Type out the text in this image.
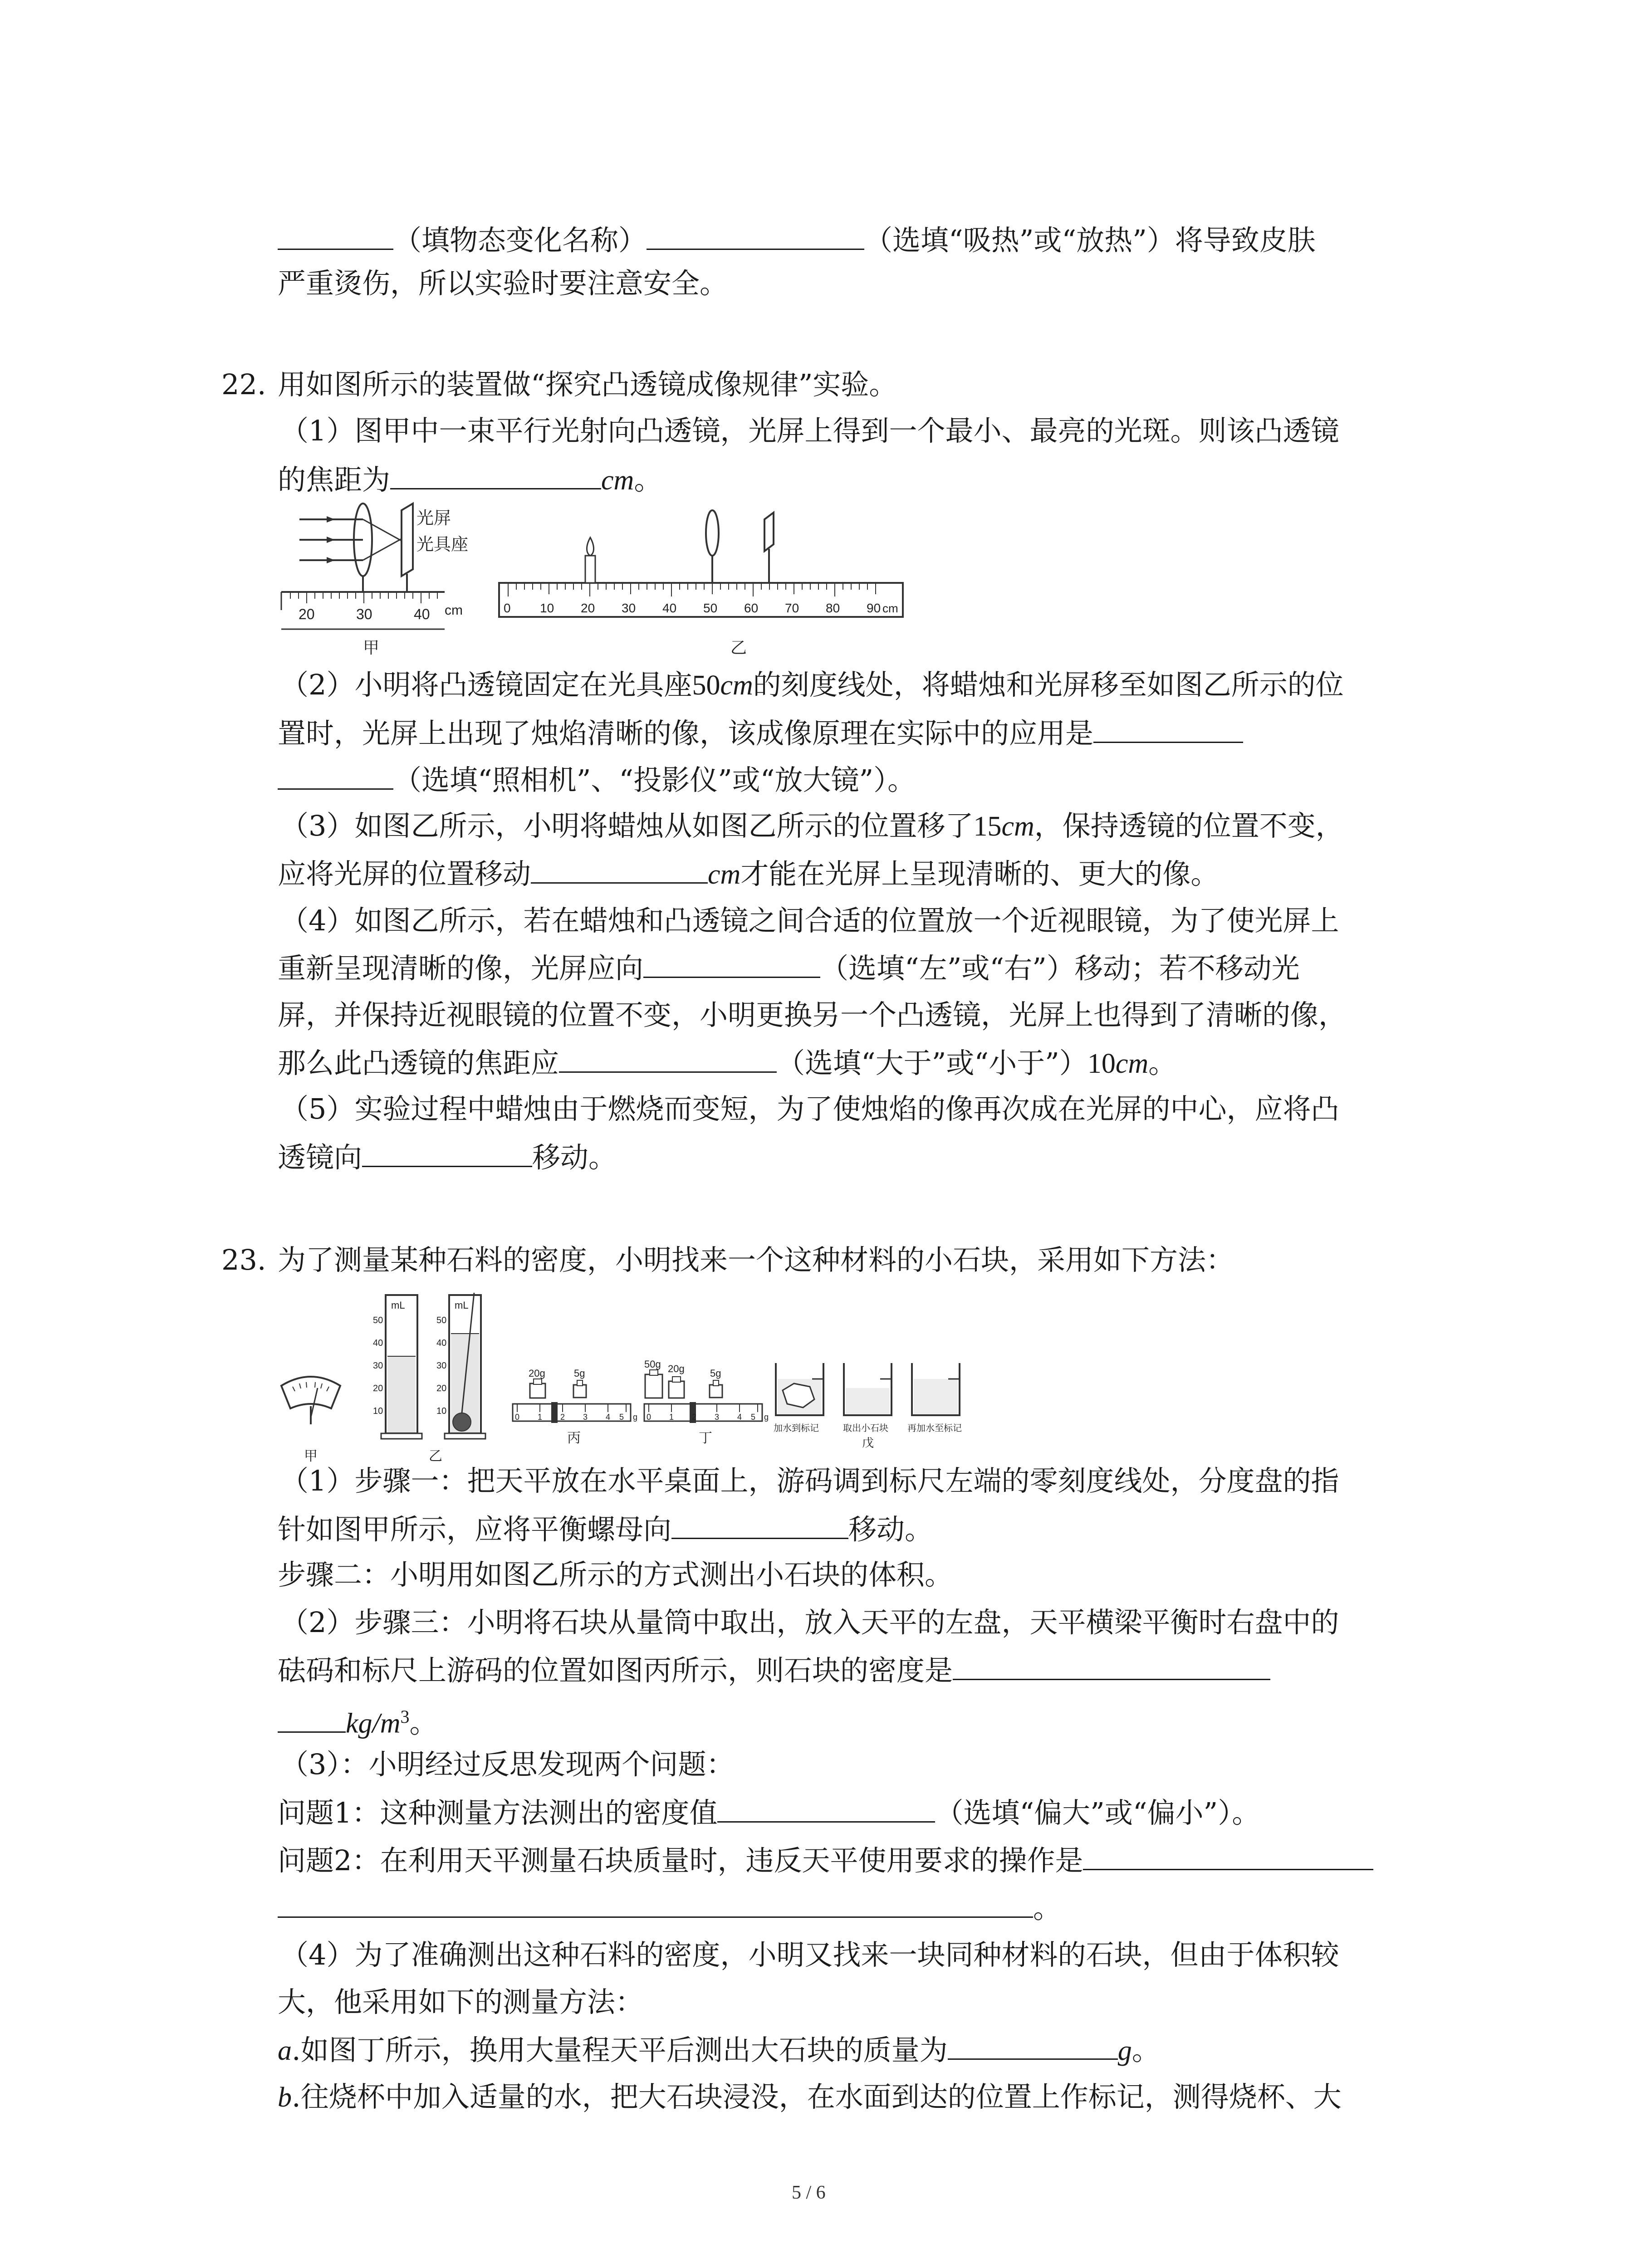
（填物态变化名称）	（选填“吸热”或“放热”）将导致皮肤
严重烫伤，所以实验时要注意安全。
22. 用如图所示的装置做“探究凸透镜成像规律”实验。
（1）图甲中一束平行光射向凸透镜，光屏上得到一个最小、最亮的光斑。则该凸透镜
的焦距为	cm。
光屏
光具座
20	30	40 cm
甲
0 10 20 30 40 50 60 70 80 90 cm
乙
（2）小明将凸透镜固定在光具座50cm的刻度线处，将蜡烛和光屏移至如图乙所示的位
置时，光屏上出现了烛焰清晰的像，该成像原理在实际中的应用是
（选填“照相机”、“投影仪”或“放大镜”）。
（3）如图乙所示，小明将蜡烛从如图乙所示的位置移了15cm，保持透镜的位置不变，
应将光屏的位置移动	cm才能在光屏上呈现清晰的、更大的像。
（4）如图乙所示，若在蜡烛和凸透镜之间合适的位置放一个近视眼镜，为了使光屏上
重新呈现清晰的像，光屏应向	（选填“左”或“右”）移动；若不移动光
屏，并保持近视眼镜的位置不变，小明更换另一个凸透镜，光屏上也得到了清晰的像，
那么此凸透镜的焦距应	（选填“大于”或“小于”）10cm。
（5）实验过程中蜡烛由于燃烧而变短，为了使烛焰的像再次成在光屏的中心，应将凸
透镜向	移动。
23. 为了测量某种石料的密度，小明找来一个这种材料的小石块，采用如下方法：
甲
mL
50
40
30
20
10
mL
50
40
30
20
10
乙
20g	5g
0 1 2 3 4 5 g
丙
50g 20g	5g
0 1 2 3 4 5 g
丁
加水到标记	取出小石块
戊
再加水至标记
（1）步骤一：把天平放在水平桌面上，游码调到标尺左端的零刻度线处，分度盘的指
针如图甲所示，应将平衡螺母向	移动。
步骤二：小明用如图乙所示的方式测出小石块的体积。
（2）步骤三：小明将石块从量筒中取出，放入天平的左盘，天平横梁平衡时右盘中的
砝码和标尺上游码的位置如图丙所示，则石块的密度是
$kg/m^3$。
（3）：小明经过反思发现两个问题：
问题1：这种测量方法测出的密度值	（选填“偏大”或“偏小”）。
问题2：在利用天平测量石块质量时，违反天平使用要求的操作是
。
（4）为了准确测出这种石料的密度，小明又找来一块同种材料的石块，但由于体积较
大，他采用如下的测量方法：
a.如图丁所示，换用大量程天平后测出大石块的质量为	g。
b.往烧杯中加入适量的水，把大石块浸没，在水面到达的位置上作标记，测得烧杯、大
5 / 6
